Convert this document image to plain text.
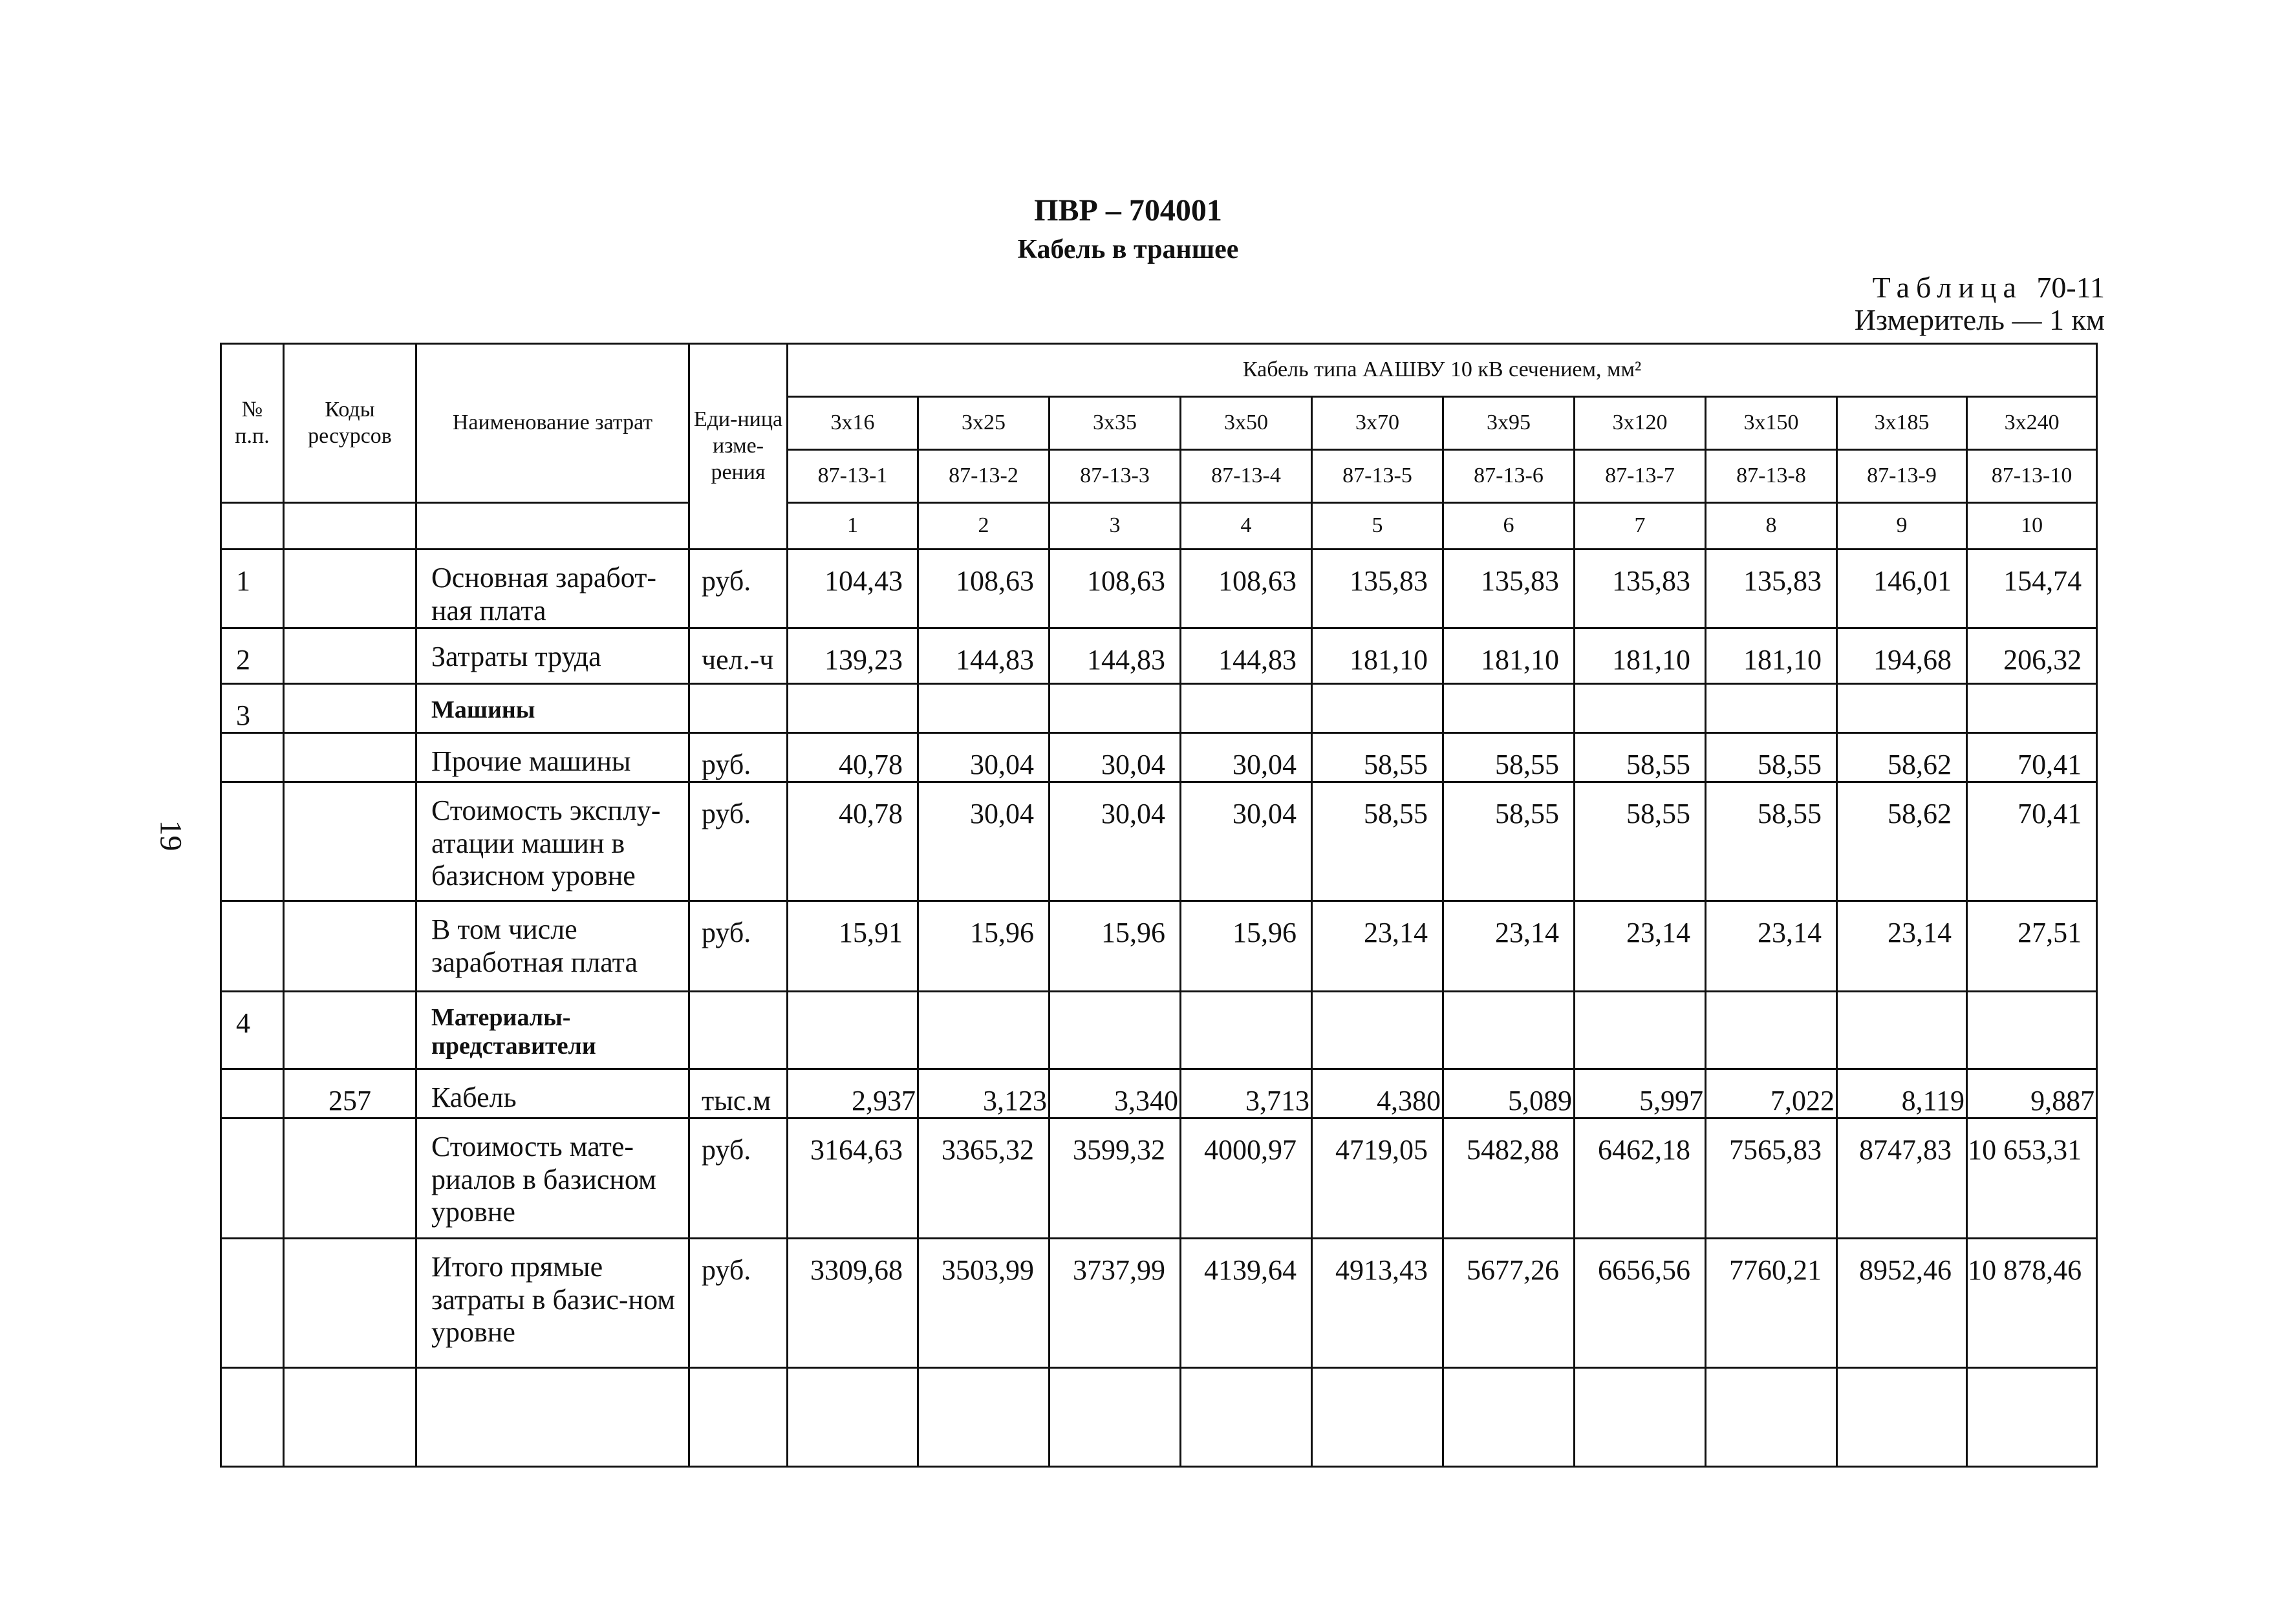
ПВР – 704001
Кабель в траншее
Таблица 70-11
Измеритель — 1 км
19
№ п.п.	Коды ресурсов	Наименование затрат	Еди-ница изме-рения	Кабель типа ААШВУ 10 кВ сечением, мм²									
				3x16	3x25	3x35	3x50	3x70	3x95	3x120	3x150	3x185	3x240
				87-13-1	87-13-2	87-13-3	87-13-4	87-13-5	87-13-6	87-13-7	87-13-8	87-13-9	87-13-10
				1	2	3	4	5	6	7	8	9	10
1		Основная заработ-ная плата	руб.	104,43	108,63	108,63	108,63	135,83	135,83	135,83	135,83	146,01	154,74
2		Затраты труда	чел.-ч	139,23	144,83	144,83	144,83	181,10	181,10	181,10	181,10	194,68	206,32
3		Машины											
		Прочие машины	руб.	40,78	30,04	30,04	30,04	58,55	58,55	58,55	58,55	58,62	70,41
		Стоимость эксплу-атации машин в базисном уровне	руб.	40,78	30,04	30,04	30,04	58,55	58,55	58,55	58,55	58,62	70,41
		В том числе заработная плата	руб.	15,91	15,96	15,96	15,96	23,14	23,14	23,14	23,14	23,14	27,51
4		Материалы-представители											
	257	Кабель	тыс.м	2,937	3,123	3,340	3,713	4,380	5,089	5,997	7,022	8,119	9,887
		Стоимость мате-риалов в базисном уровне	руб.	3164,63	3365,32	3599,32	4000,97	4719,05	5482,88	6462,18	7565,83	8747,83	10 653,31
		Итого прямые затраты в базис-ном уровне	руб.	3309,68	3503,99	3737,99	4139,64	4913,43	5677,26	6656,56	7760,21	8952,46	10 878,46
